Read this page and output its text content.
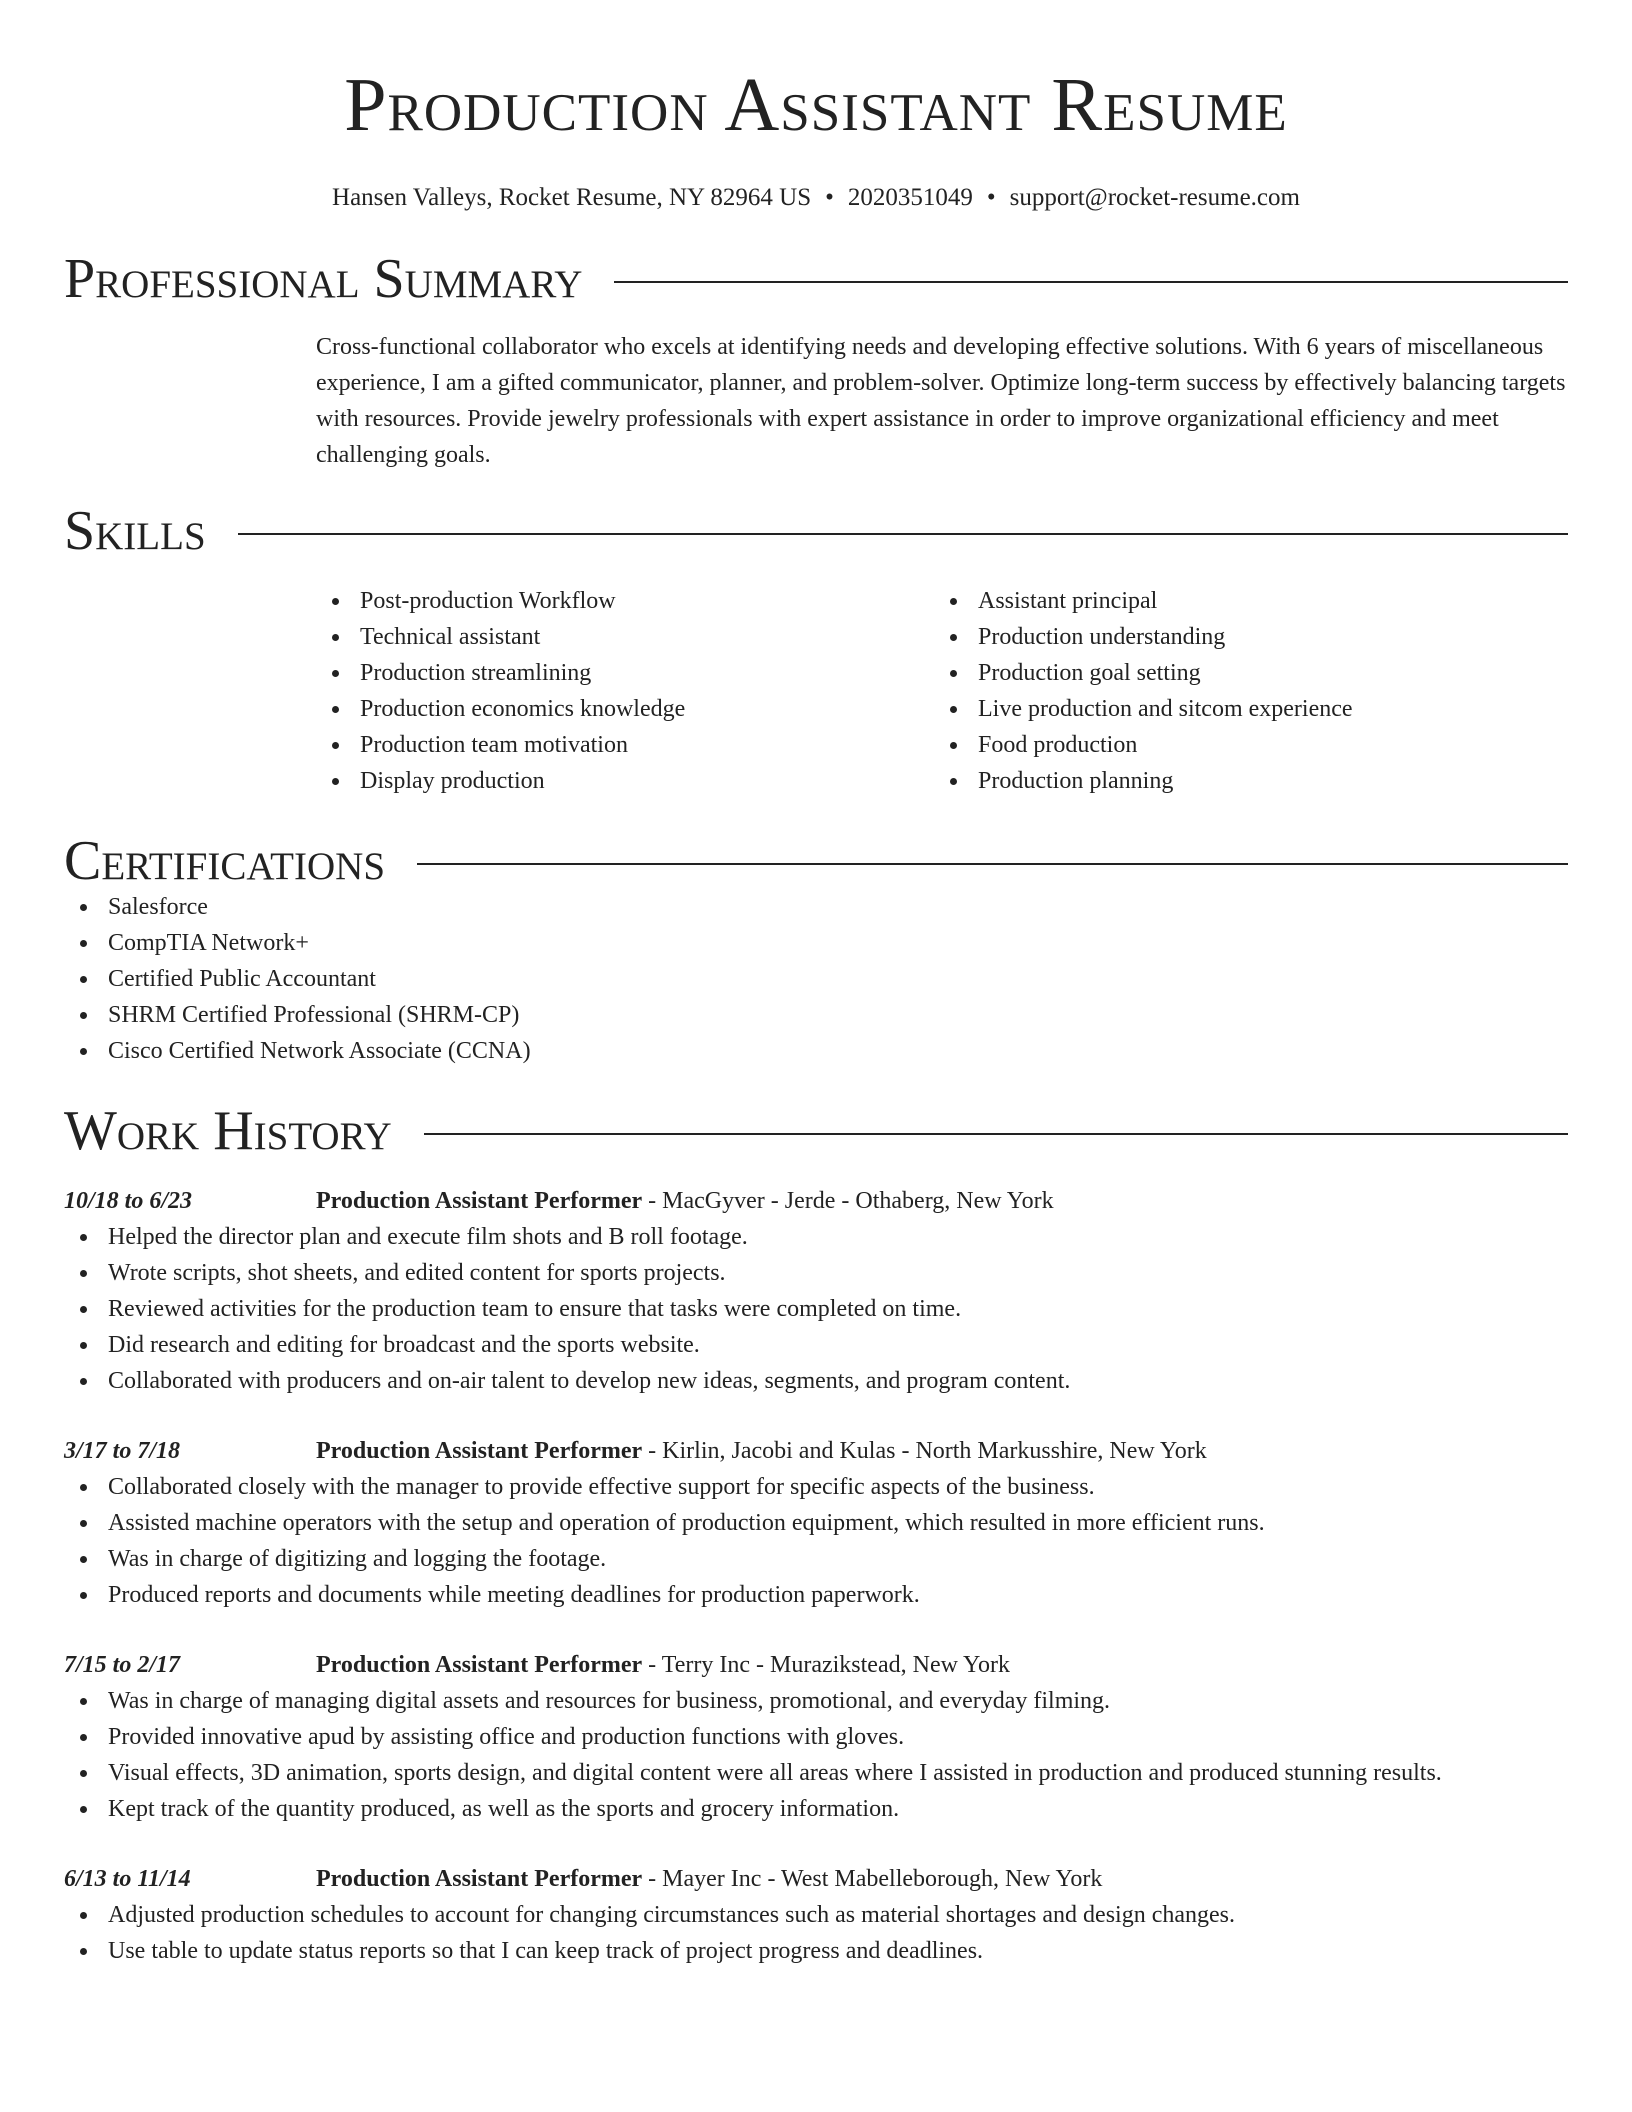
Production Assistant Resume
Hansen Valleys, Rocket Resume, NY 82964 US • 2020351049 • support@rocket-resume.com
Professional Summary

Cross-functional collaborator who excels at identifying needs and developing effective solutions. With 6 years of miscellaneous experience, I am a gifted communicator, planner, and problem-solver. Optimize long-term success by effectively balancing targets with resources. Provide jewelry professionals with expert assistance in order to improve organizational efficiency and meet challenging goals.

Skills
Post-production Workflow
Technical assistant
Production streamlining
Production economics knowledge
Production team motivation
Display production
Assistant principal
Production understanding
Production goal setting
Live production and sitcom experience
Food production
Production planning
Certifications
Salesforce
CompTIA Network+
Certified Public Accountant
SHRM Certified Professional (SHRM-CP)
Cisco Certified Network Associate (CCNA)
Work History
10/18 to 6/23	Production Assistant Performer - MacGyver - Jerde - Othaberg, New York
Helped the director plan and execute film shots and B roll footage.
Wrote scripts, shot sheets, and edited content for sports projects.
Reviewed activities for the production team to ensure that tasks were completed on time.
Did research and editing for broadcast and the sports website.
Collaborated with producers and on-air talent to develop new ideas, segments, and program content.
3/17 to 7/18	Production Assistant Performer - Kirlin, Jacobi and Kulas - North Markusshire, New York
Collaborated closely with the manager to provide effective support for specific aspects of the business.
Assisted machine operators with the setup and operation of production equipment, which resulted in more efficient runs.
Was in charge of digitizing and logging the footage.
Produced reports and documents while meeting deadlines for production paperwork.
7/15 to 2/17	Production Assistant Performer - Terry Inc - Murazikstead, New York
Was in charge of managing digital assets and resources for business, promotional, and everyday filming.
Provided innovative apud by assisting office and production functions with gloves.
Visual effects, 3D animation, sports design, and digital content were all areas where I assisted in production and produced stunning results.
Kept track of the quantity produced, as well as the sports and grocery information.
6/13 to 11/14	Production Assistant Performer - Mayer Inc - West Mabelleborough, New York
Adjusted production schedules to account for changing circumstances such as material shortages and design changes.
Use table to update status reports so that I can keep track of project progress and deadlines.
